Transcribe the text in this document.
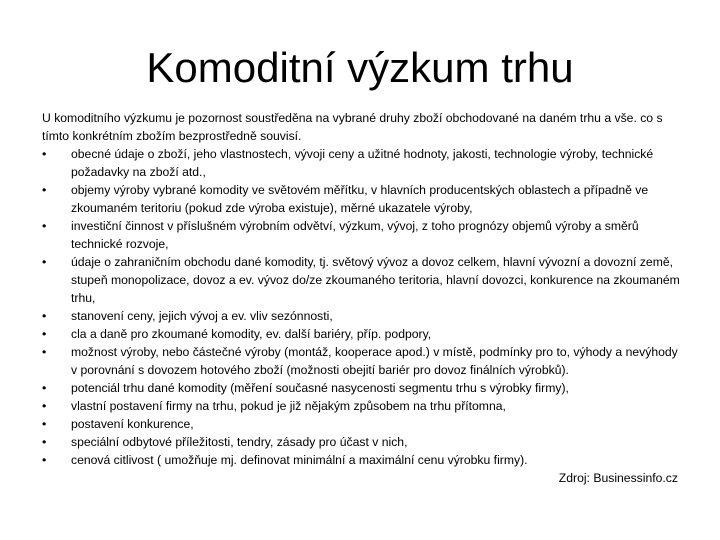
Komoditní výzkum trhu

U komoditního výzkumu je pozornost soustředěna na vybrané druhy zboží obchodované na daném trhu a vše. co s tímto konkrétním zbožím bezprostředně souvisí.

• obecné údaje o zboží, jeho vlastnostech, vývoji ceny a užitné hodnoty, jakosti, technologie výroby, technické požadavky na zboží atd.,
• objemy výroby vybrané komodity ve světovém měřítku, v hlavních producentských oblastech a případně ve zkoumaném teritoriu (pokud zde výroba existuje), měrné ukazatele výroby,
• investiční činnost v příslušném výrobním odvětví, výzkum, vývoj, z toho prognózy objemů výroby a směrů technické rozvoje,
• údaje o zahraničním obchodu dané komodity, tj. světový vývoz a dovoz celkem, hlavní vývozní a dovozní země, stupeň monopolizace, dovoz a ev. vývoz do/ze zkoumaného teritoria, hlavní dovozci, konkurence na zkoumaném trhu,
• stanovení ceny, jejich vývoj a ev. vliv sezónnosti,
• cla a daně pro zkoumané komodity, ev. další bariéry, příp. podpory,
• možnost výroby, nebo částečné výroby (montáž, kooperace apod.) v místě, podmínky pro to, výhody a nevýhody v porovnání s dovozem hotového zboží (možnosti obejití bariér pro dovoz finálních výrobků).
• potenciál trhu dané komodity (měření současné nasycenosti segmentu trhu s výrobky firmy),
• vlastní postavení firmy na trhu, pokud je již nějakým způsobem na trhu přítomna,
• postavení konkurence,
• speciální odbytové příležitosti, tendry, zásady pro účast v nich,
• cenová citlivost ( umožňuje mj. definovat minimální a maximální cenu výrobku firmy).

Zdroj: Businessinfo.cz
